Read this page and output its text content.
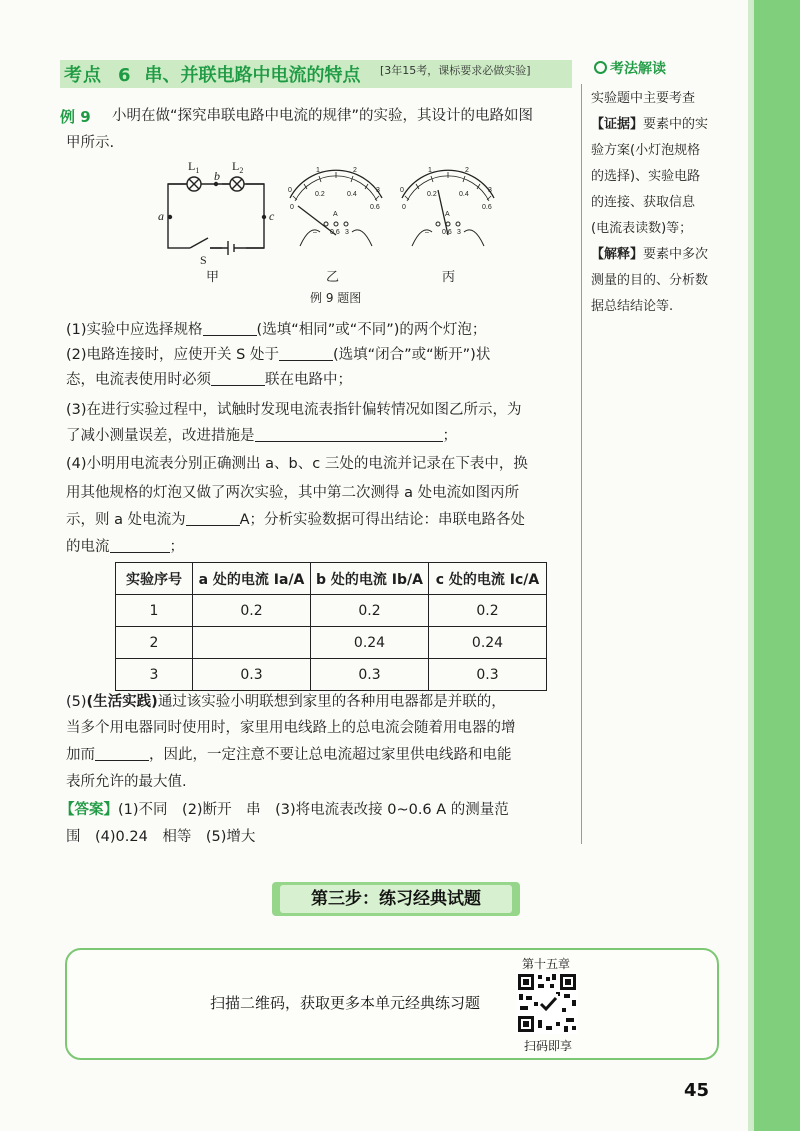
考点 6 串、并联电路中电流的特点 [3年15考，课标要求必做实验]	考法解读
实验题中主要考查
【证据】要素中的实
验方案(小灯泡规格
的选择)、实验电路
的连接、获取信息
(电流表读数)等；
【解释】要素中多次
测量的目的、分析数
据总结结论等.
例 9 小明在做“探究串联电路中电流的规律”的实验，其设计的电路如图
甲所示.
$L_1$	$L_2$
b
a	c
S
甲	乙	丙
例 9 题图
0
1	2
3
0
0.2	0.4
0.6
A
– 0.6 3
0
1	2
3
0
0.2	0.4
0.6
A
– 0.6 3
(1)实验中应选择规格	(选填“相同”或“不同”)的两个灯泡；
(2)电路连接时，应使开关 S 处于	(选填“闭合”或“断开”)状
态，电流表使用时必须	联在电路中；
(3)在进行实验过程中，试触时发现电流表指针偏转情况如图乙所示，为
了减小测量误差，改进措施是	；
(4)小明用电流表分别正确测出 a、b、c 三处的电流并记录在下表中，换
用其他规格的灯泡又做了两次实验，其中第二次测得 a 处电流如图丙所
示，则 a 处电流为	A；分析实验数据可得出结论：串联电路各处
的电流	；
实验序号	a 处的电流 Ia/A	b 处的电流 Ib/A	c 处的电流 Ic/A
1	0.2	0.2	0.2
2		0.24	0.24
3	0.3	0.3	0.3
(5)(生活实践)通过该实验小明联想到家里的各种用电器都是并联的，
当多个用电器同时使用时，家里用电线路上的总电流会随着用电器的增
加而	，因此，一定注意不要让总电流超过家里供电线路和电能
表所允许的最大值.
【答案】(1)不同　(2)断开　串　(3)将电流表改接 0~0.6 A 的测量范
围　(4)0.24　相等　(5)增大
第三步：练习经典试题
扫描二维码，获取更多本单元经典练习题
第十五章
扫码即享
45
